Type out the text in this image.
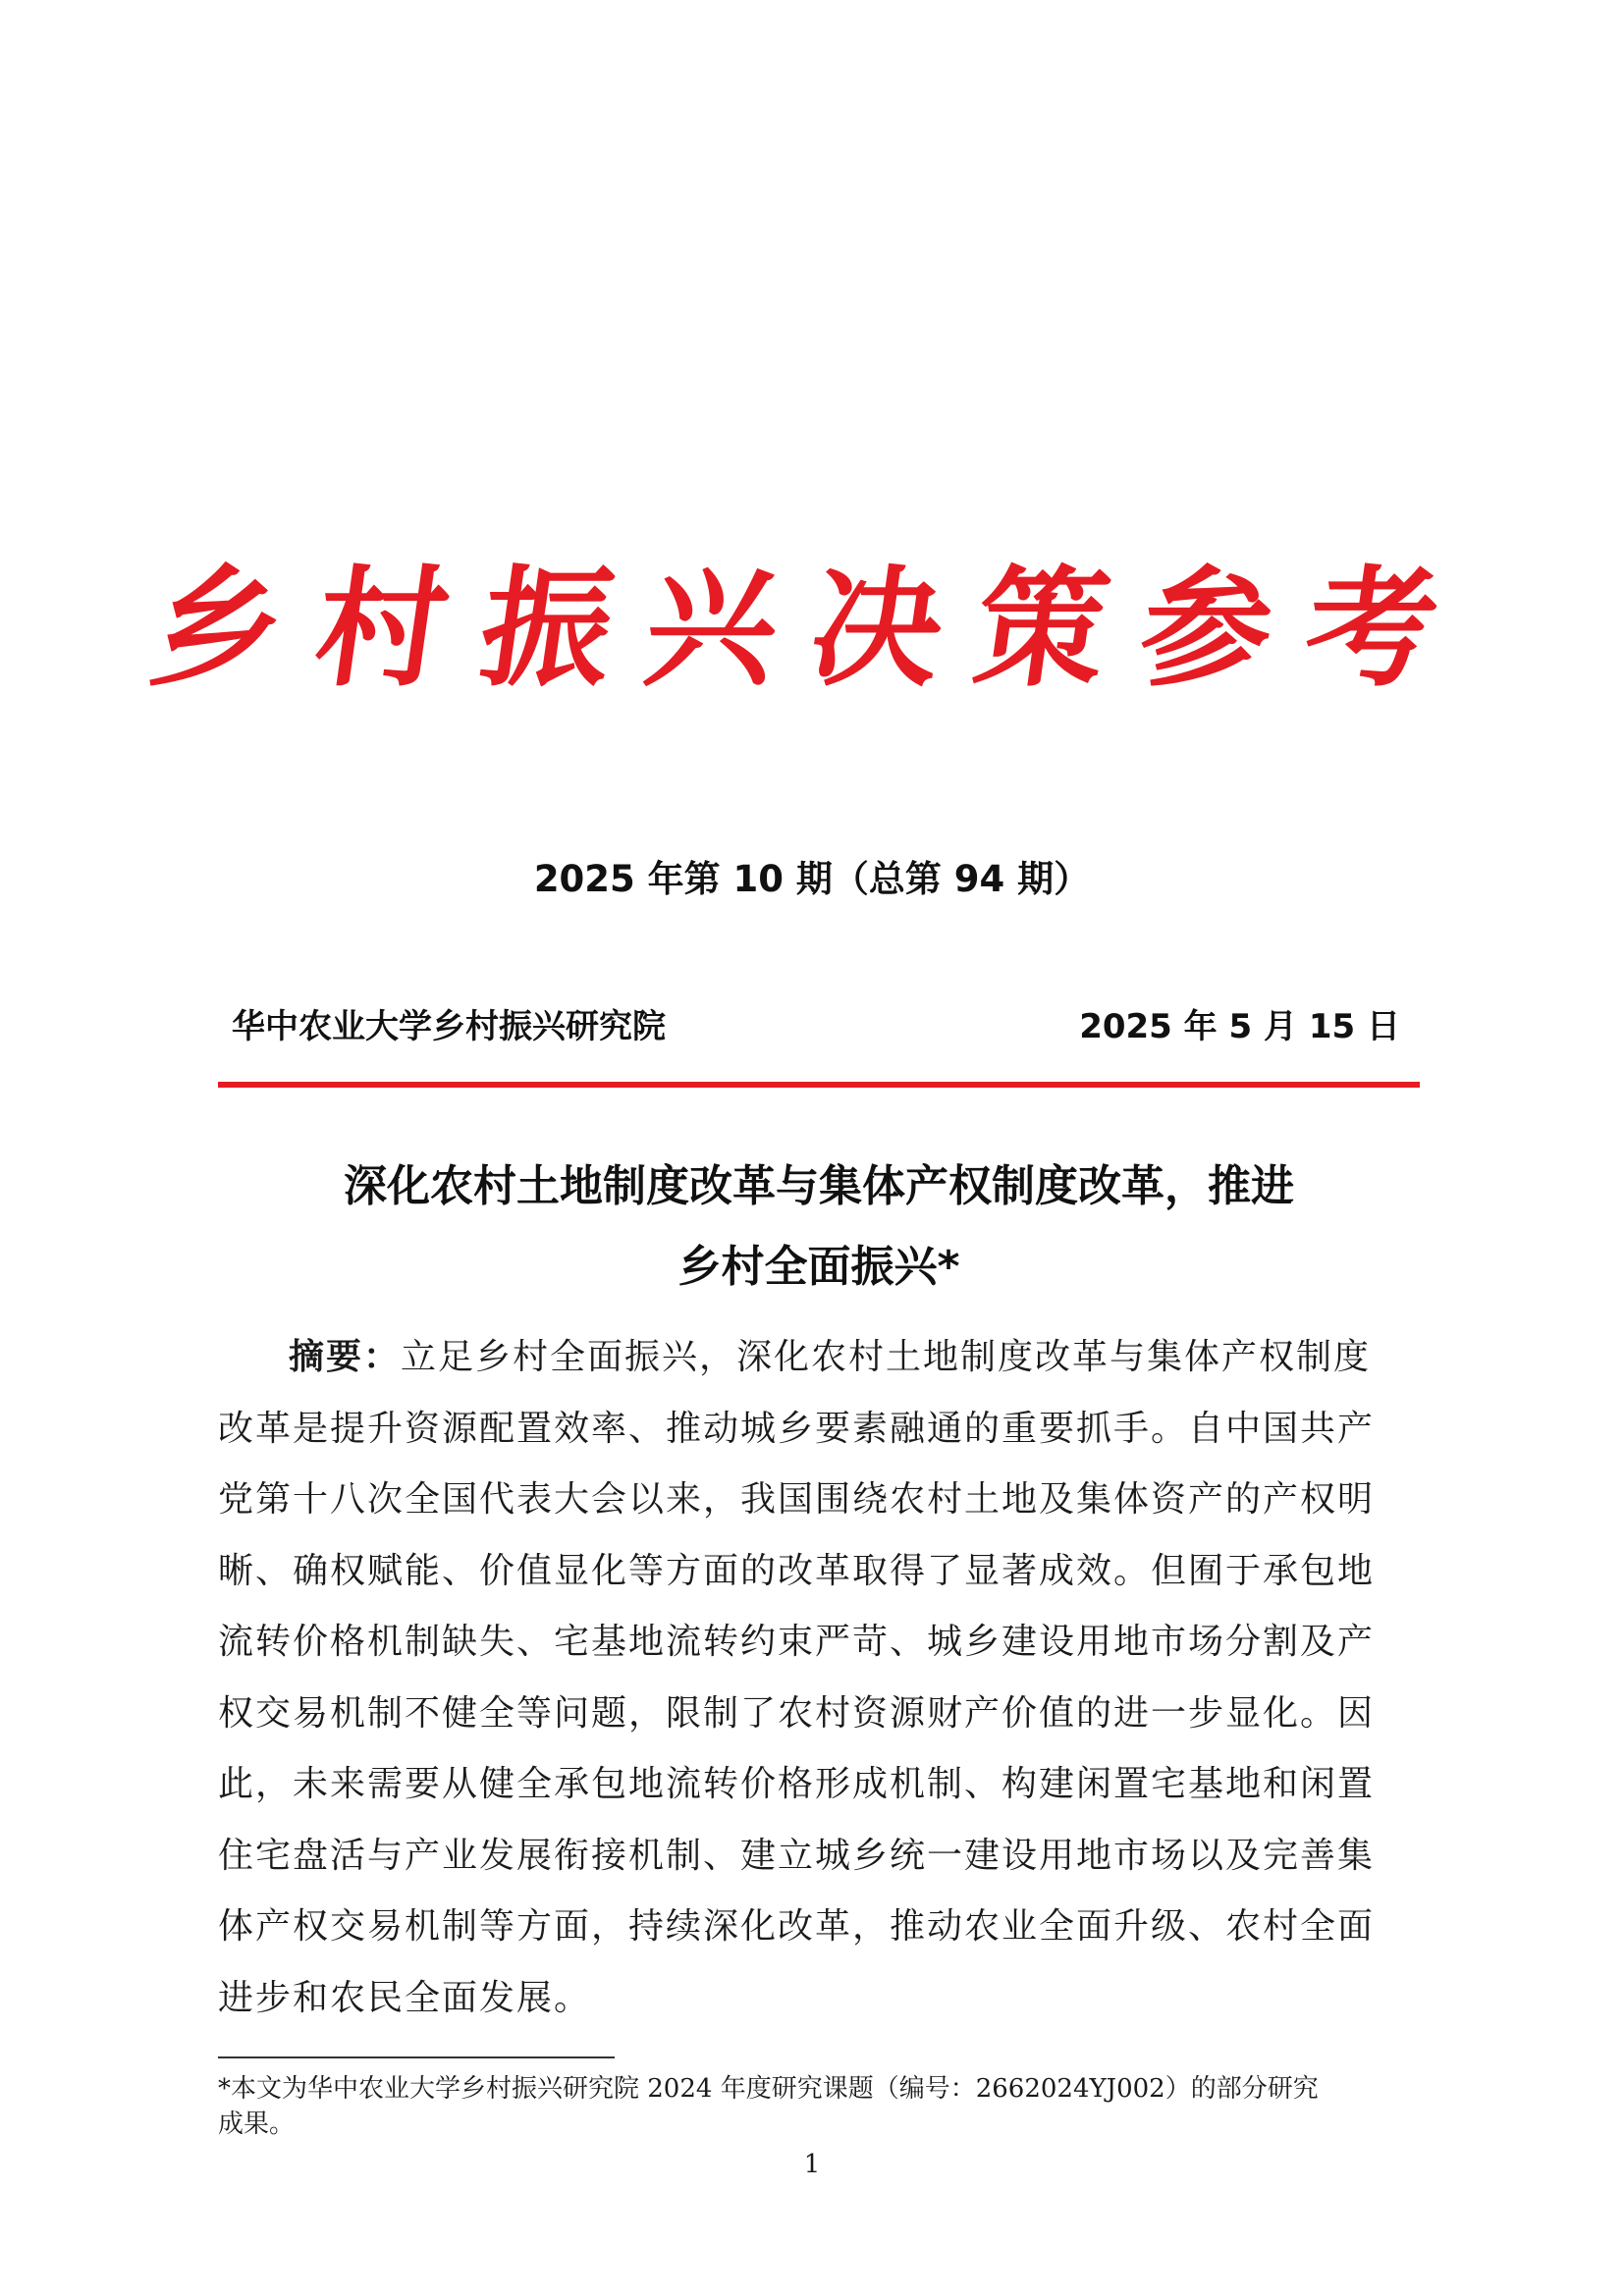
乡村振兴决策参考
2025 年第 10 期（总第 94 期）
华中农业大学乡村振兴研究院	2025 年 5 月 15 日
深化农村土地制度改革与集体产权制度改革，推进
乡村全面振兴*
摘要：立足乡村全面振兴，深化农村土地制度改革与集体产权制度
改革是提升资源配置效率、推动城乡要素融通的重要抓手。自中国共产
党第十八次全国代表大会以来，我国围绕农村土地及集体资产的产权明
晰、确权赋能、价值显化等方面的改革取得了显著成效。但囿于承包地
流转价格机制缺失、宅基地流转约束严苛、城乡建设用地市场分割及产
权交易机制不健全等问题，限制了农村资源财产价值的进一步显化。因
此，未来需要从健全承包地流转价格形成机制、构建闲置宅基地和闲置
住宅盘活与产业发展衔接机制、建立城乡统一建设用地市场以及完善集
体产权交易机制等方面，持续深化改革，推动农业全面升级、农村全面
进步和农民全面发展。
*本文为华中农业大学乡村振兴研究院 2024 年度研究课题（编号：2662024YJ002）的部分研究
成果。
1
